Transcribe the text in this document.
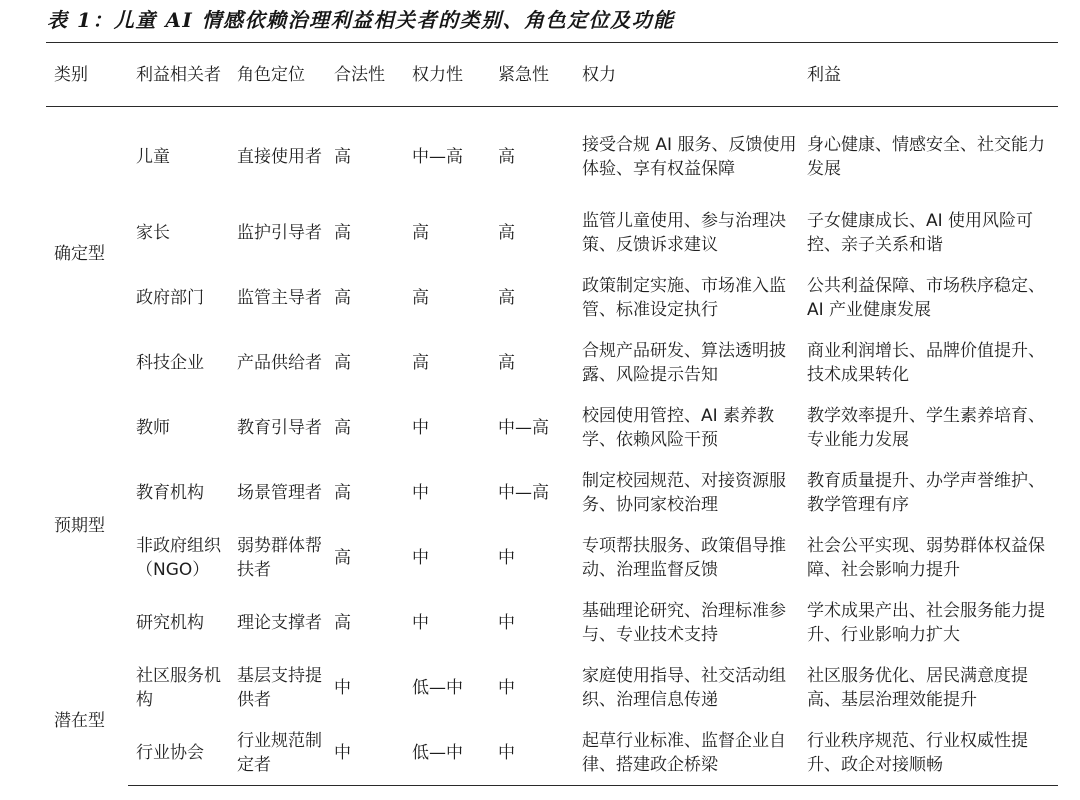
表 1：儿童 AI 情感依赖治理利益相关者的类别、角色定位及功能
类别	利益相关者	角色定位	合法性	权力性	紧急性	权力	利益
确定型	儿童	直接使用者	高	中—高	高	接受合规 AI 服务、反馈使用体验、享有权益保障	身心健康、情感安全、社交能力发展
	家长	监护引导者	高	高	高	监管儿童使用、参与治理决策、反馈诉求建议	子女健康成长、AI 使用风险可控、亲子关系和谐
	政府部门	监管主导者	高	高	高	政策制定实施、市场准入监管、标准设定执行	公共利益保障、市场秩序稳定、AI 产业健康发展
	科技企业	产品供给者	高	高	高	合规产品研发、算法透明披露、风险提示告知	商业利润增长、品牌价值提升、技术成果转化
预期型	教师	教育引导者	高	中	中—高	校园使用管控、AI 素养教学、依赖风险干预	教学效率提升、学生素养培育、专业能力发展
	教育机构	场景管理者	高	中	中—高	制定校园规范、对接资源服务、协同家校治理	教育质量提升、办学声誉维护、教学管理有序
	非政府组织（NGO）	弱势群体帮扶者	高	中	中	专项帮扶服务、政策倡导推动、治理监督反馈	社会公平实现、弱势群体权益保障、社会影响力提升
	研究机构	理论支撑者	高	中	中	基础理论研究、治理标准参与、专业技术支持	学术成果产出、社会服务能力提升、行业影响力扩大
潜在型	社区服务机构	基层支持提供者	中	低—中	中	家庭使用指导、社交活动组织、治理信息传递	社区服务优化、居民满意度提高、基层治理效能提升
	行业协会	行业规范制定者	中	低—中	中	起草行业标准、监督企业自律、搭建政企桥梁	行业秩序规范、行业权威性提升、政企对接顺畅
